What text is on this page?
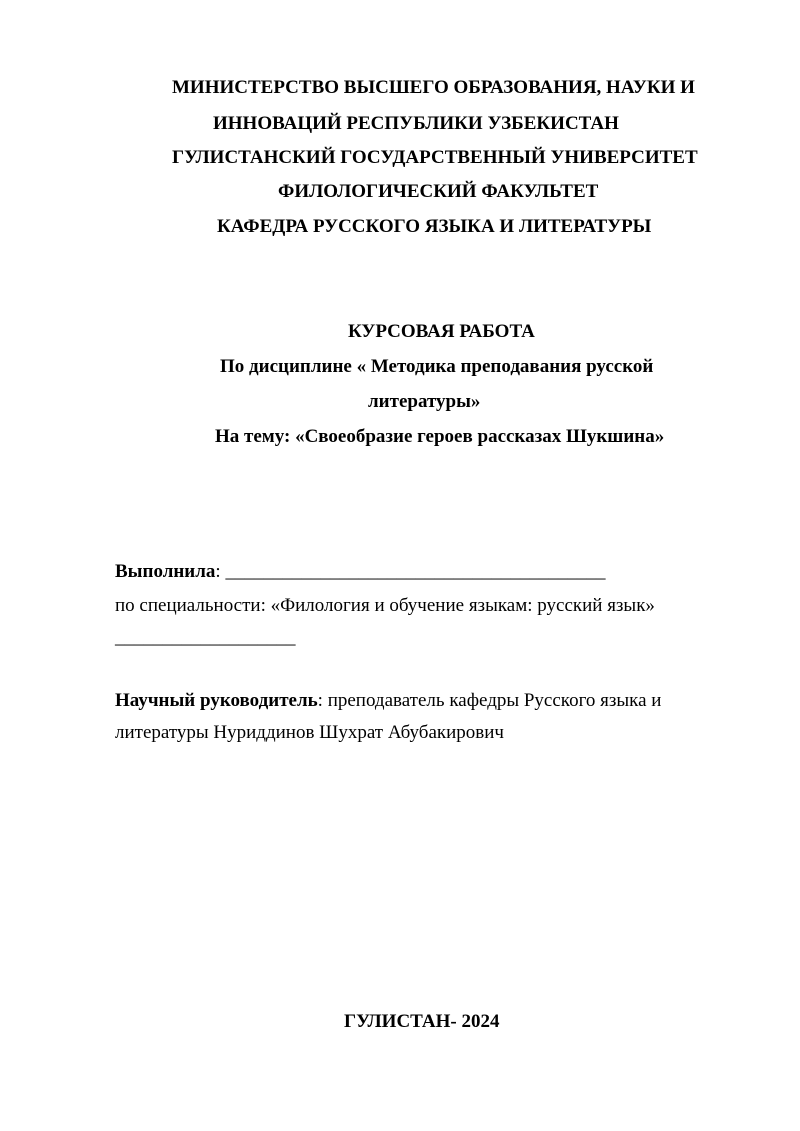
МИНИСТЕРСТВО ВЫСШЕГО ОБРАЗОВАНИЯ, НАУКИ И
ИННОВАЦИЙ РЕСПУБЛИКИ УЗБЕКИСТАН
ГУЛИСТАНСКИЙ ГОСУДАРСТВЕННЫЙ УНИВЕРСИТЕТ
ФИЛОЛОГИЧЕСКИЙ ФАКУЛЬТЕТ
КАФЕДРА РУССКОГО ЯЗЫКА И ЛИТЕРАТУРЫ
КУРСОВАЯ РАБОТА
По дисциплине « Методика преподавания русской
литературы»
На тему: «Своеобразие героев рассказах Шукшина»
Выполнила: ________________________________________
по специальности: «Филология и обучение языкам: русский язык»
___________________
Научный руководитель: преподаватель кафедры Русского языка и
литературы Нуриддинов Шухрат Абубакирович
ГУЛИСТАН- 2024
